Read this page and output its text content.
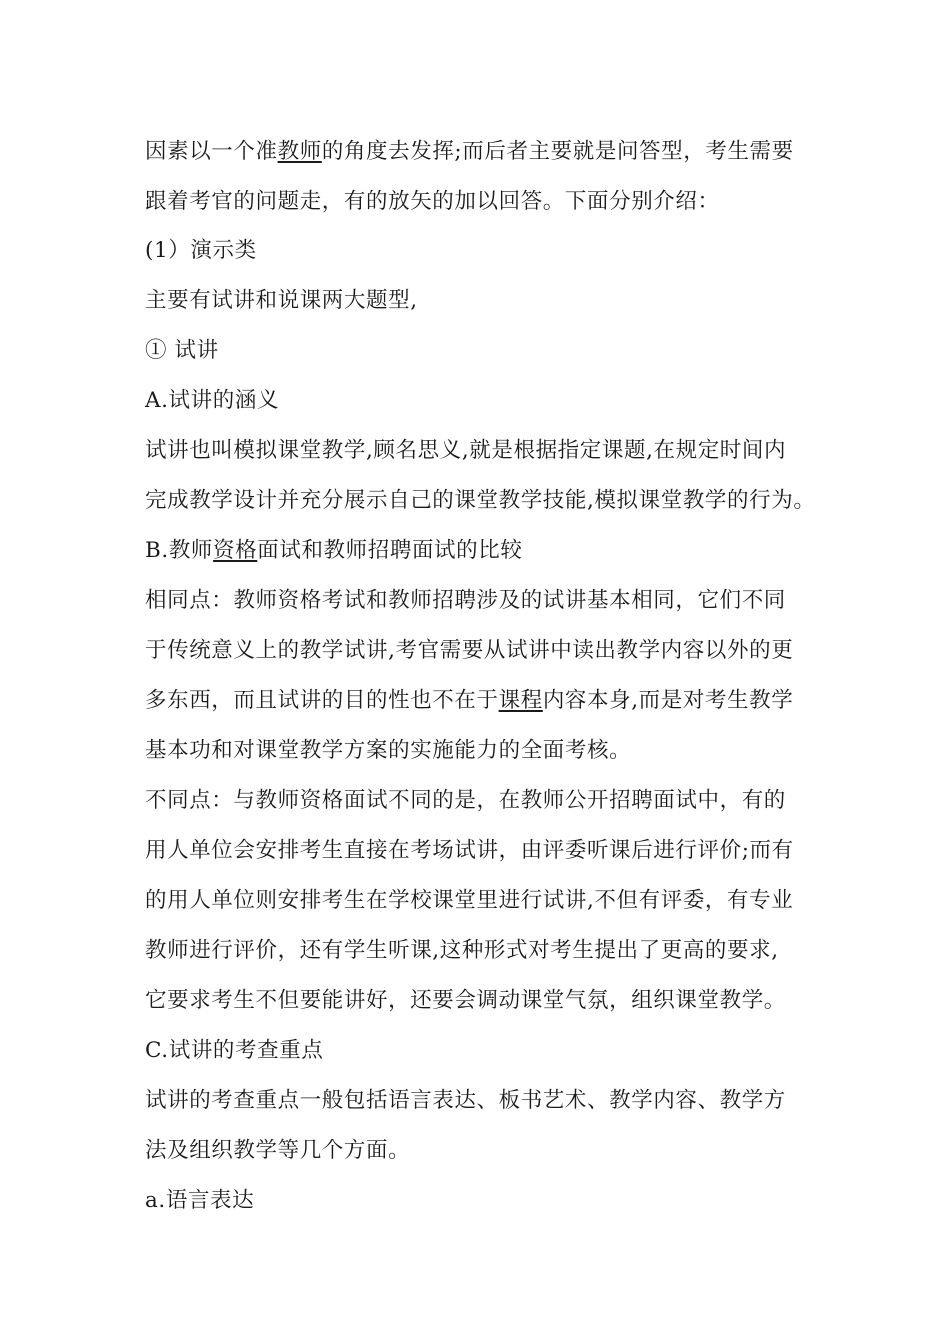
因素以一个准教师的角度去发挥;而后者主要就是问答型，考生需要

跟着考官的问题走，有的放矢的加以回答。下面分别介绍：

(1）演示类

主要有试讲和说课两大题型,

① 试讲

A.试讲的涵义

试讲也叫模拟课堂教学,顾名思义,就是根据指定课题,在规定时间内

完成教学设计并充分展示自己的课堂教学技能,模拟课堂教学的行为。

B.教师资格面试和教师招聘面试的比较

相同点：教师资格考试和教师招聘涉及的试讲基本相同，它们不同

于传统意义上的教学试讲,考官需要从试讲中读出教学内容以外的更

多东西，而且试讲的目的性也不在于课程内容本身,而是对考生教学

基本功和对课堂教学方案的实施能力的全面考核。

不同点：与教师资格面试不同的是，在教师公开招聘面试中，有的

用人单位会安排考生直接在考场试讲，由评委听课后进行评价;而有

的用人单位则安排考生在学校课堂里进行试讲,不但有评委，有专业

教师进行评价，还有学生听课,这种形式对考生提出了更高的要求,

它要求考生不但要能讲好，还要会调动课堂气氛，组织课堂教学。

C.试讲的考查重点

试讲的考查重点一般包括语言表达、板书艺术、教学内容、教学方

法及组织教学等几个方面。

a.语言表达
